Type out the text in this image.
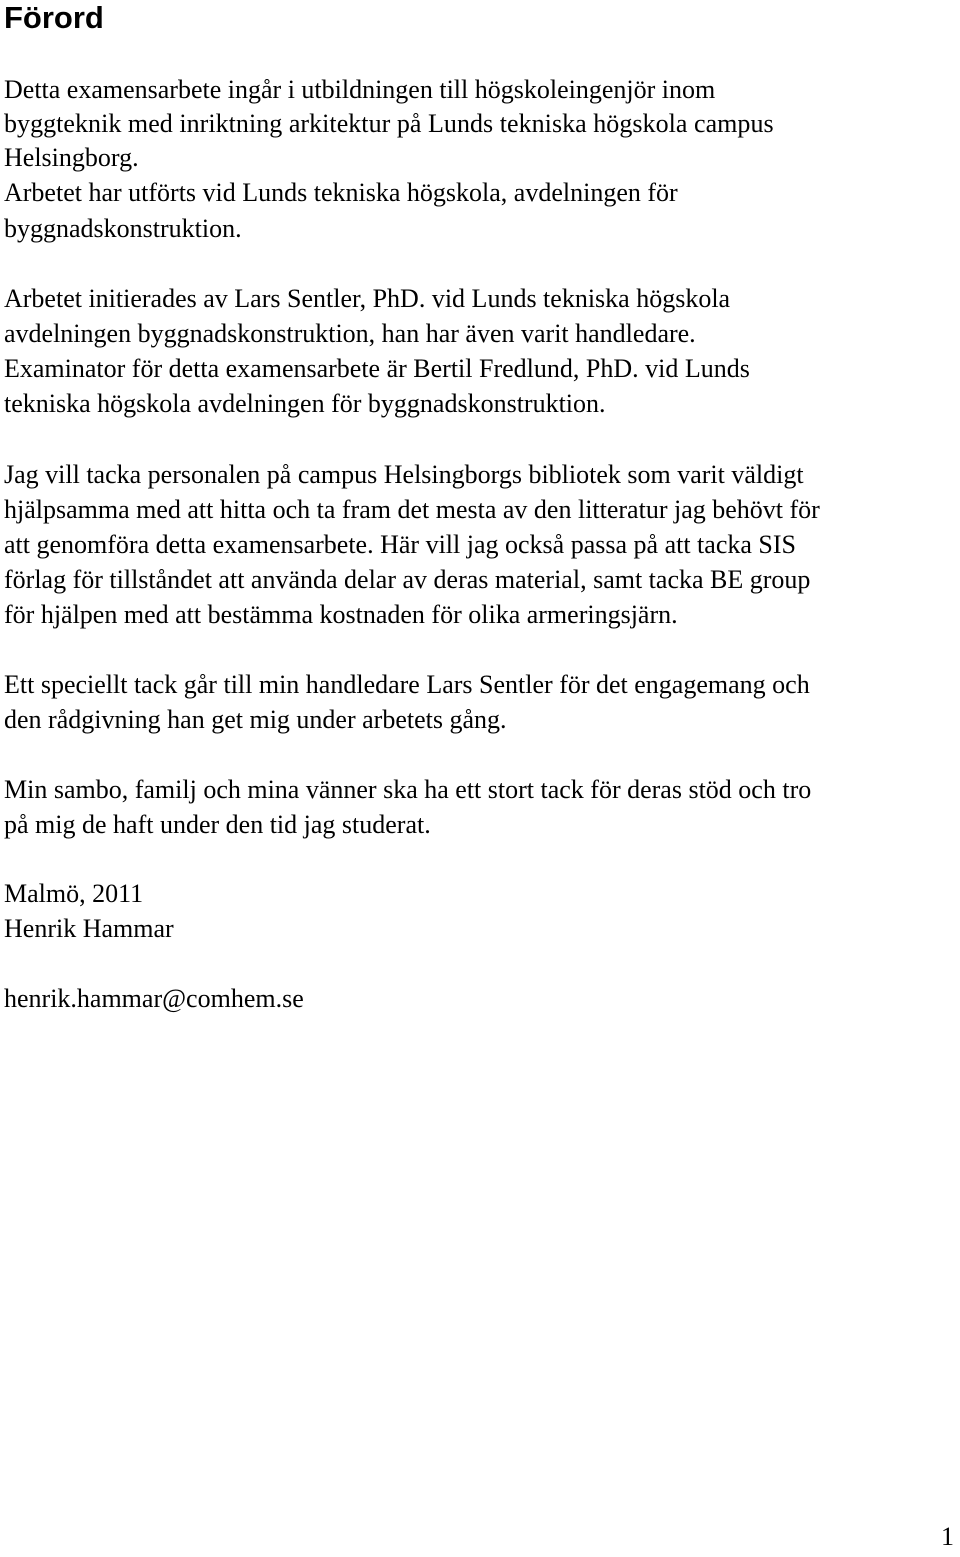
Förord

Detta examensarbete ingår i utbildningen till högskoleingenjör inom

byggteknik med inriktning arkitektur på Lunds tekniska högskola campus

Helsingborg.

Arbetet har utförts vid Lunds tekniska högskola, avdelningen för

byggnadskonstruktion.

Arbetet initierades av Lars Sentler, PhD. vid Lunds tekniska högskola

avdelningen byggnadskonstruktion, han har även varit handledare.

Examinator för detta examensarbete är Bertil Fredlund, PhD. vid Lunds

tekniska högskola avdelningen för byggnadskonstruktion.

Jag vill tacka personalen på campus Helsingborgs bibliotek som varit väldigt

hjälpsamma med att hitta och ta fram det mesta av den litteratur jag behövt för

att genomföra detta examensarbete. Här vill jag också passa på att tacka SIS

förlag för tillståndet att använda delar av deras material, samt tacka BE group

för hjälpen med att bestämma kostnaden för olika armeringsjärn.

Ett speciellt tack går till min handledare Lars Sentler för det engagemang och

den rådgivning han get mig under arbetets gång.

Min sambo, familj och mina vänner ska ha ett stort tack för deras stöd och tro

på mig de haft under den tid jag studerat.

Malmö, 2011

Henrik Hammar

henrik.hammar@comhem.se

1
